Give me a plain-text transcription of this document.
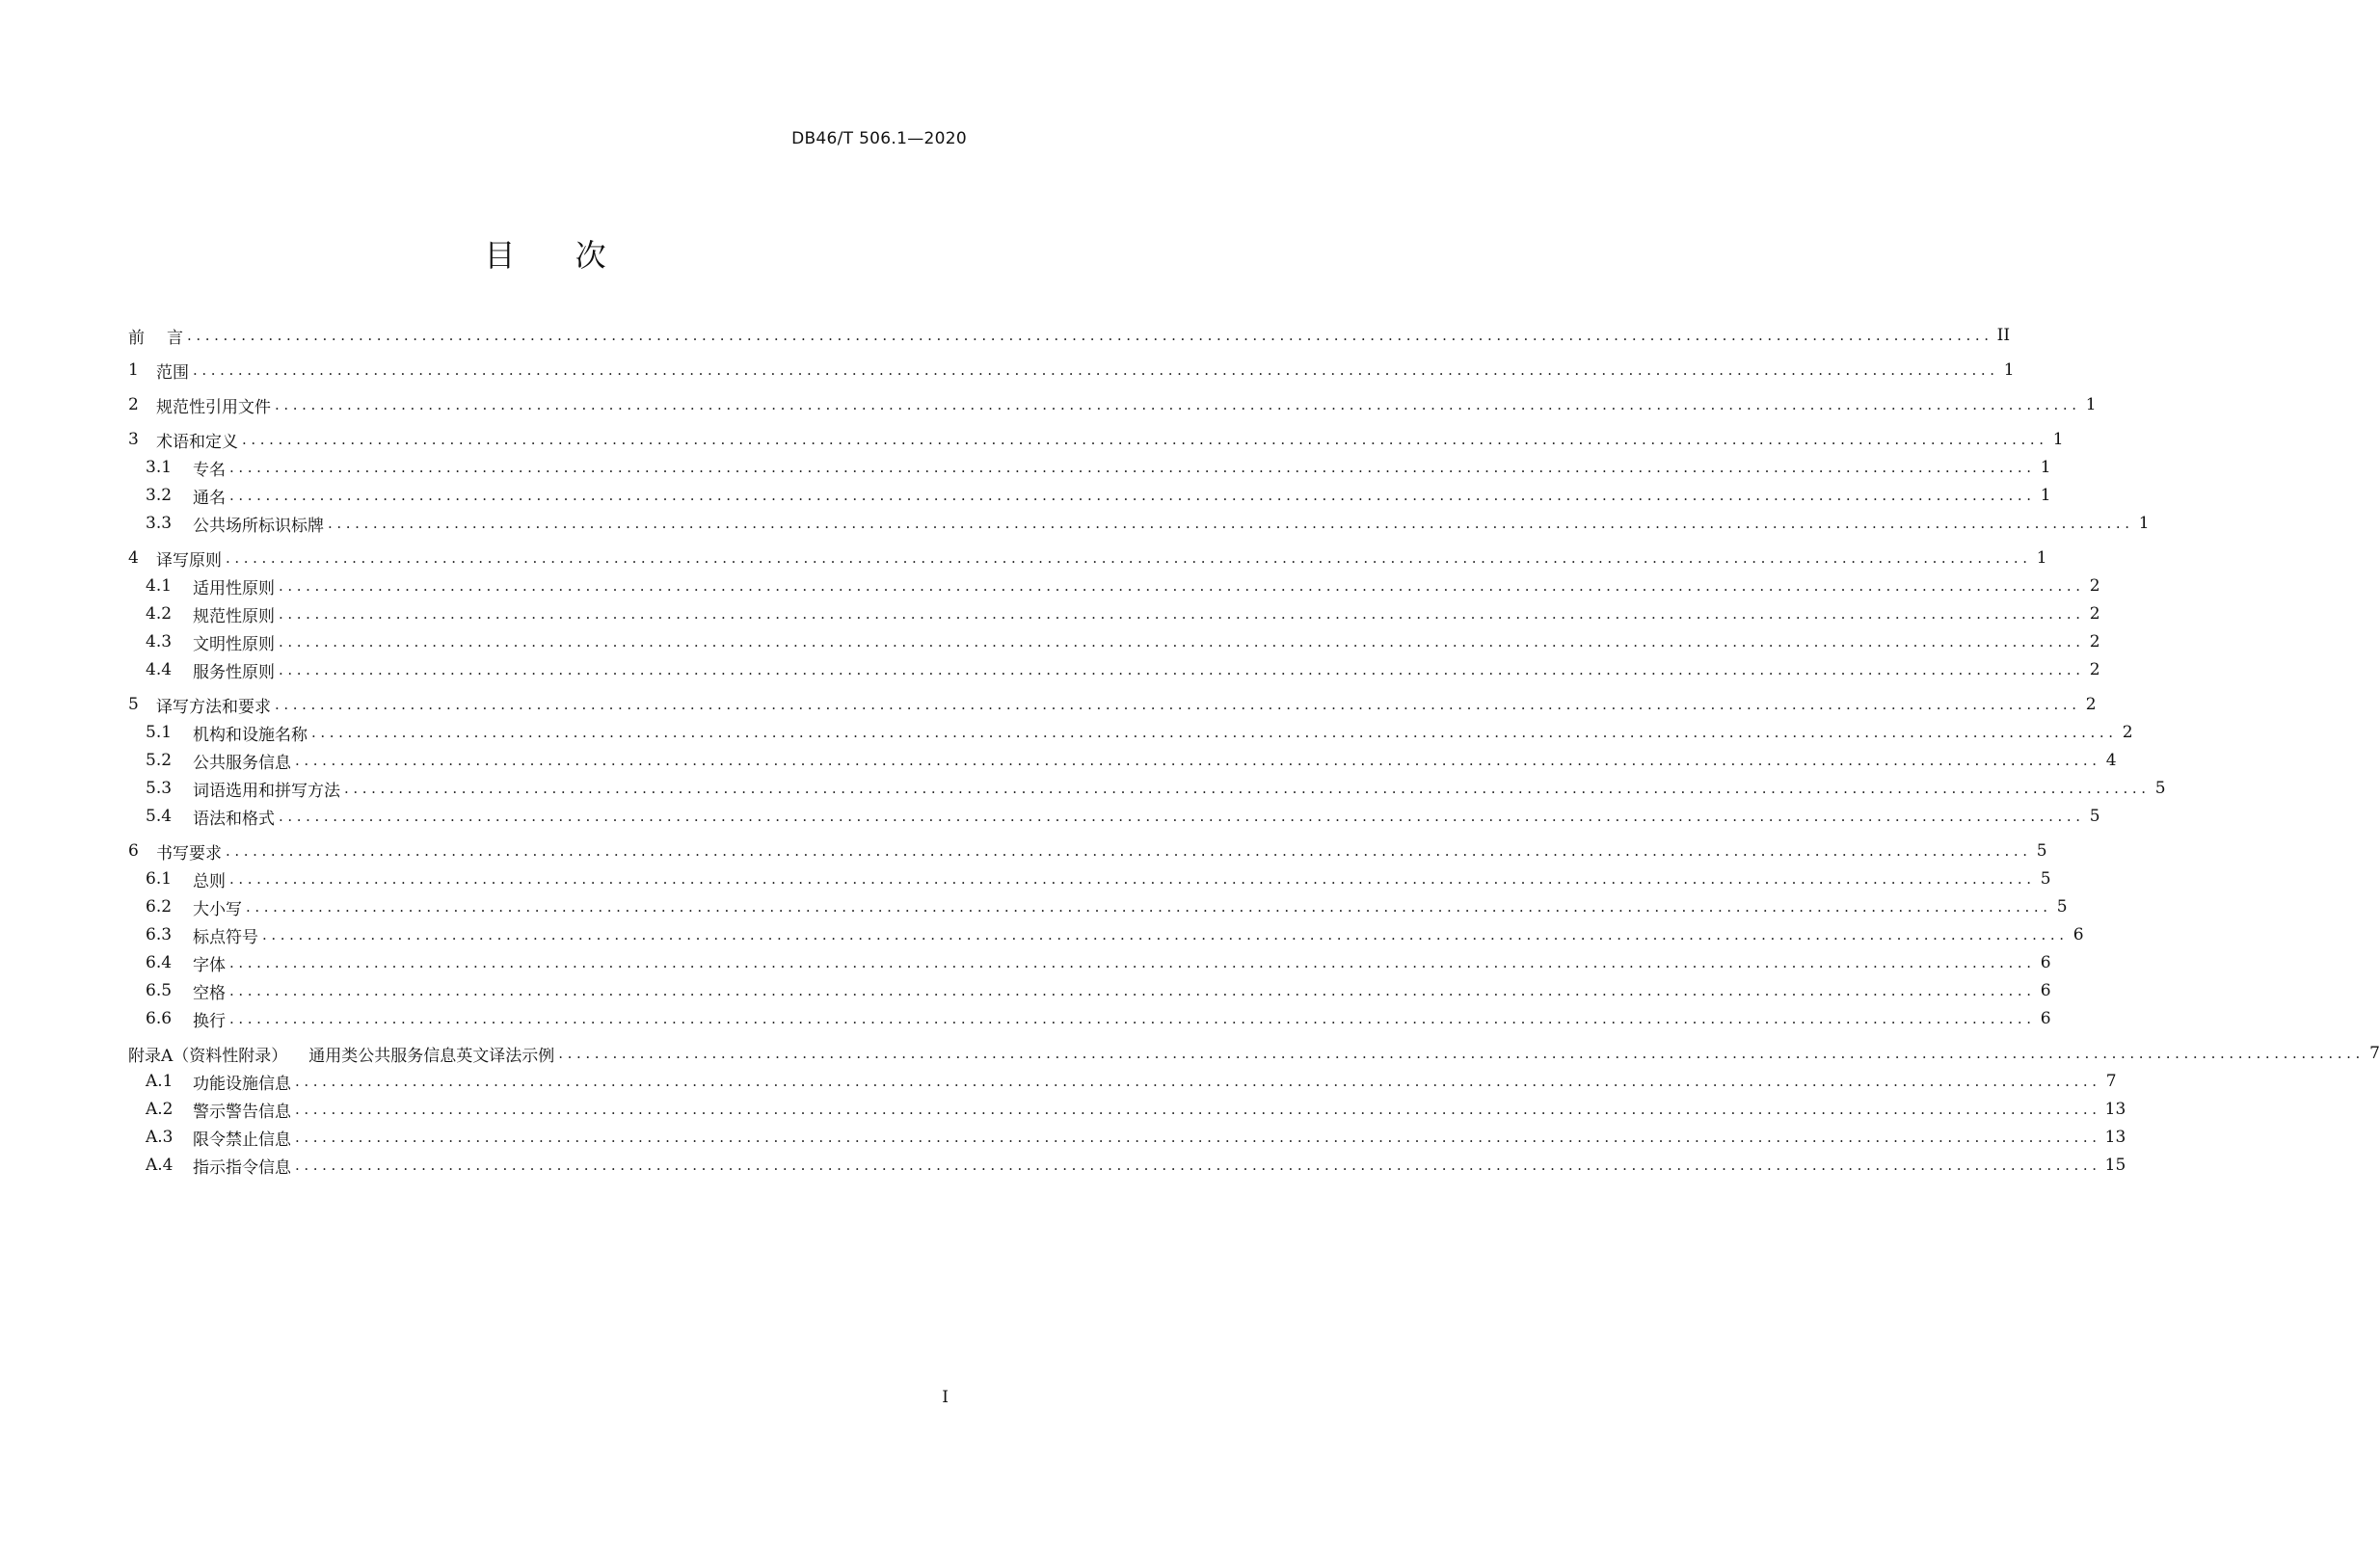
DB46/T 506.1—2020
目 次
前	言 ........................................................................................................................................................................................................ II
1	范围 ........................................................................................................................................................................................................ 1
2	规范性引用文件 ........................................................................................................................................................................................................ 1
3	术语和定义 ........................................................................................................................................................................................................ 1
3.1	专名 ........................................................................................................................................................................................................ 1
3.2	通名 ........................................................................................................................................................................................................ 1
3.3	公共场所标识标牌 ........................................................................................................................................................................................................ 1
4	译写原则 ........................................................................................................................................................................................................ 1
4.1	适用性原则 ........................................................................................................................................................................................................ 2
4.2	规范性原则 ........................................................................................................................................................................................................ 2
4.3	文明性原则 ........................................................................................................................................................................................................ 2
4.4	服务性原则 ........................................................................................................................................................................................................ 2
5	译写方法和要求 ........................................................................................................................................................................................................ 2
5.1	机构和设施名称 ........................................................................................................................................................................................................ 2
5.2	公共服务信息 ........................................................................................................................................................................................................ 4
5.3	词语选用和拼写方法 ........................................................................................................................................................................................................ 5
5.4	语法和格式 ........................................................................................................................................................................................................ 5
6	书写要求 ........................................................................................................................................................................................................ 5
6.1	总则 ........................................................................................................................................................................................................ 5
6.2	大小写 ........................................................................................................................................................................................................ 5
6.3	标点符号 ........................................................................................................................................................................................................ 6
6.4	字体 ........................................................................................................................................................................................................ 6
6.5	空格 ........................................................................................................................................................................................................ 6
6.6	换行 ........................................................................................................................................................................................................ 6
附录A（资料性附录） 通用类公共服务信息英文译法示例 ........................................................................................................................................................................................................ 7
A.1	功能设施信息 ........................................................................................................................................................................................................ 7
A.2	警示警告信息 ........................................................................................................................................................................................................ 13
A.3	限令禁止信息 ........................................................................................................................................................................................................ 13
A.4	指示指令信息 ........................................................................................................................................................................................................ 15
I
